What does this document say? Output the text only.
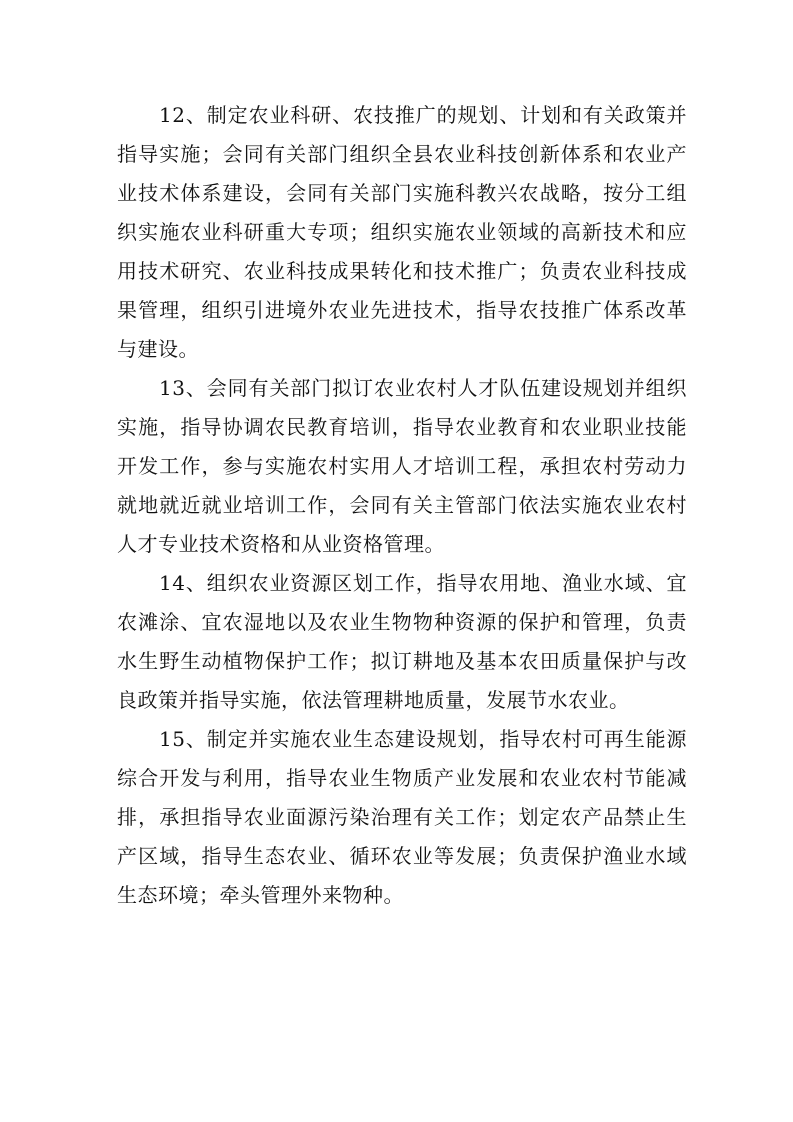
12、制定农业科研、农技推广的规划、计划和有关政策并指导实施；会同有关部门组织全县农业科技创新体系和农业产业技术体系建设，会同有关部门实施科教兴农战略，按分工组织实施农业科研重大专项；组织实施农业领域的高新技术和应用技术研究、农业科技成果转化和技术推广；负责农业科技成果管理，组织引进境外农业先进技术，指导农技推广体系改革与建设。

13、会同有关部门拟订农业农村人才队伍建设规划并组织实施，指导协调农民教育培训，指导农业教育和农业职业技能开发工作，参与实施农村实用人才培训工程，承担农村劳动力就地就近就业培训工作，会同有关主管部门依法实施农业农村人才专业技术资格和从业资格管理。

14、组织农业资源区划工作，指导农用地、渔业水域、宜农滩涂、宜农湿地以及农业生物物种资源的保护和管理，负责水生野生动植物保护工作；拟订耕地及基本农田质量保护与改良政策并指导实施，依法管理耕地质量，发展节水农业。

15、制定并实施农业生态建设规划，指导农村可再生能源综合开发与利用，指导农业生物质产业发展和农业农村节能减排，承担指导农业面源污染治理有关工作；划定农产品禁止生产区域，指导生态农业、循环农业等发展；负责保护渔业水域生态环境；牵头管理外来物种。
